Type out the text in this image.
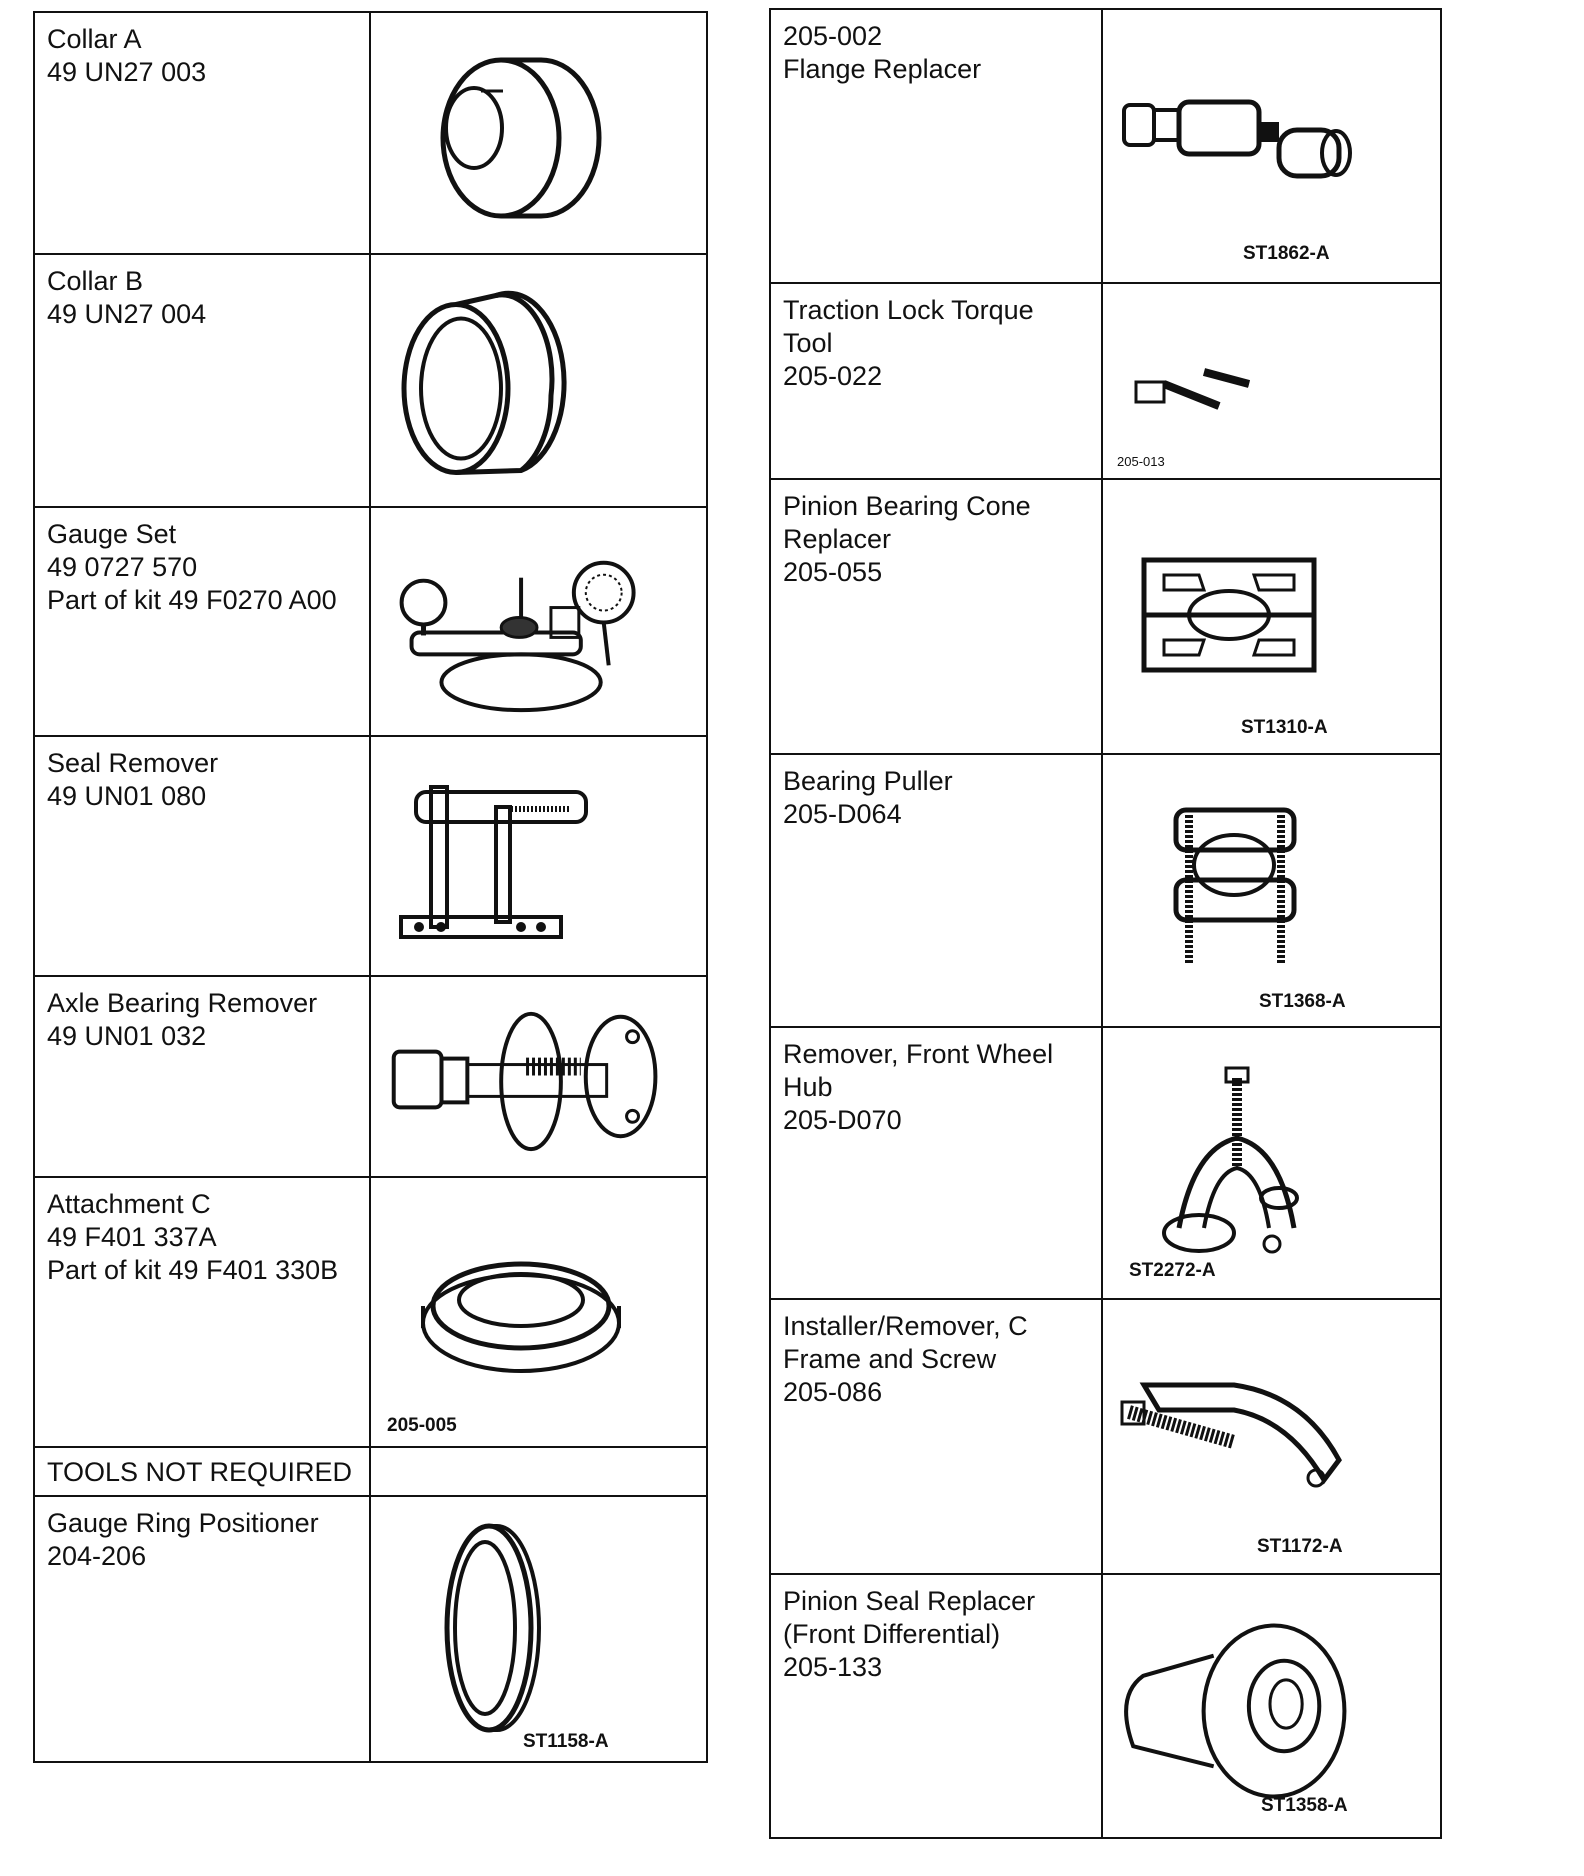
Collar A
49 UN27 003
Collar B
49 UN27 004
Gauge Set
49 0727 570
Part of kit 49 F0270 A00
Seal Remover
49 UN01 080
Axle Bearing Remover
49 UN01 032
Attachment C
49 F401 337A
Part of kit 49 F401 330B
205-005
TOOLS NOT REQUIRED
Gauge Ring Positioner
204-206
ST1158-A
205-002
Flange Replacer
ST1862-A
Traction Lock Torque
Tool
205-022
205-013
Pinion Bearing Cone
Replacer
205-055
ST1310-A
Bearing Puller
205-D064
ST1368-A
Remover, Front Wheel
Hub
205-D070
ST2272-A
Installer/Remover, C
Frame and Screw
205-086
ST1172-A
Pinion Seal Replacer
(Front Differential)
205-133
ST1358-A
